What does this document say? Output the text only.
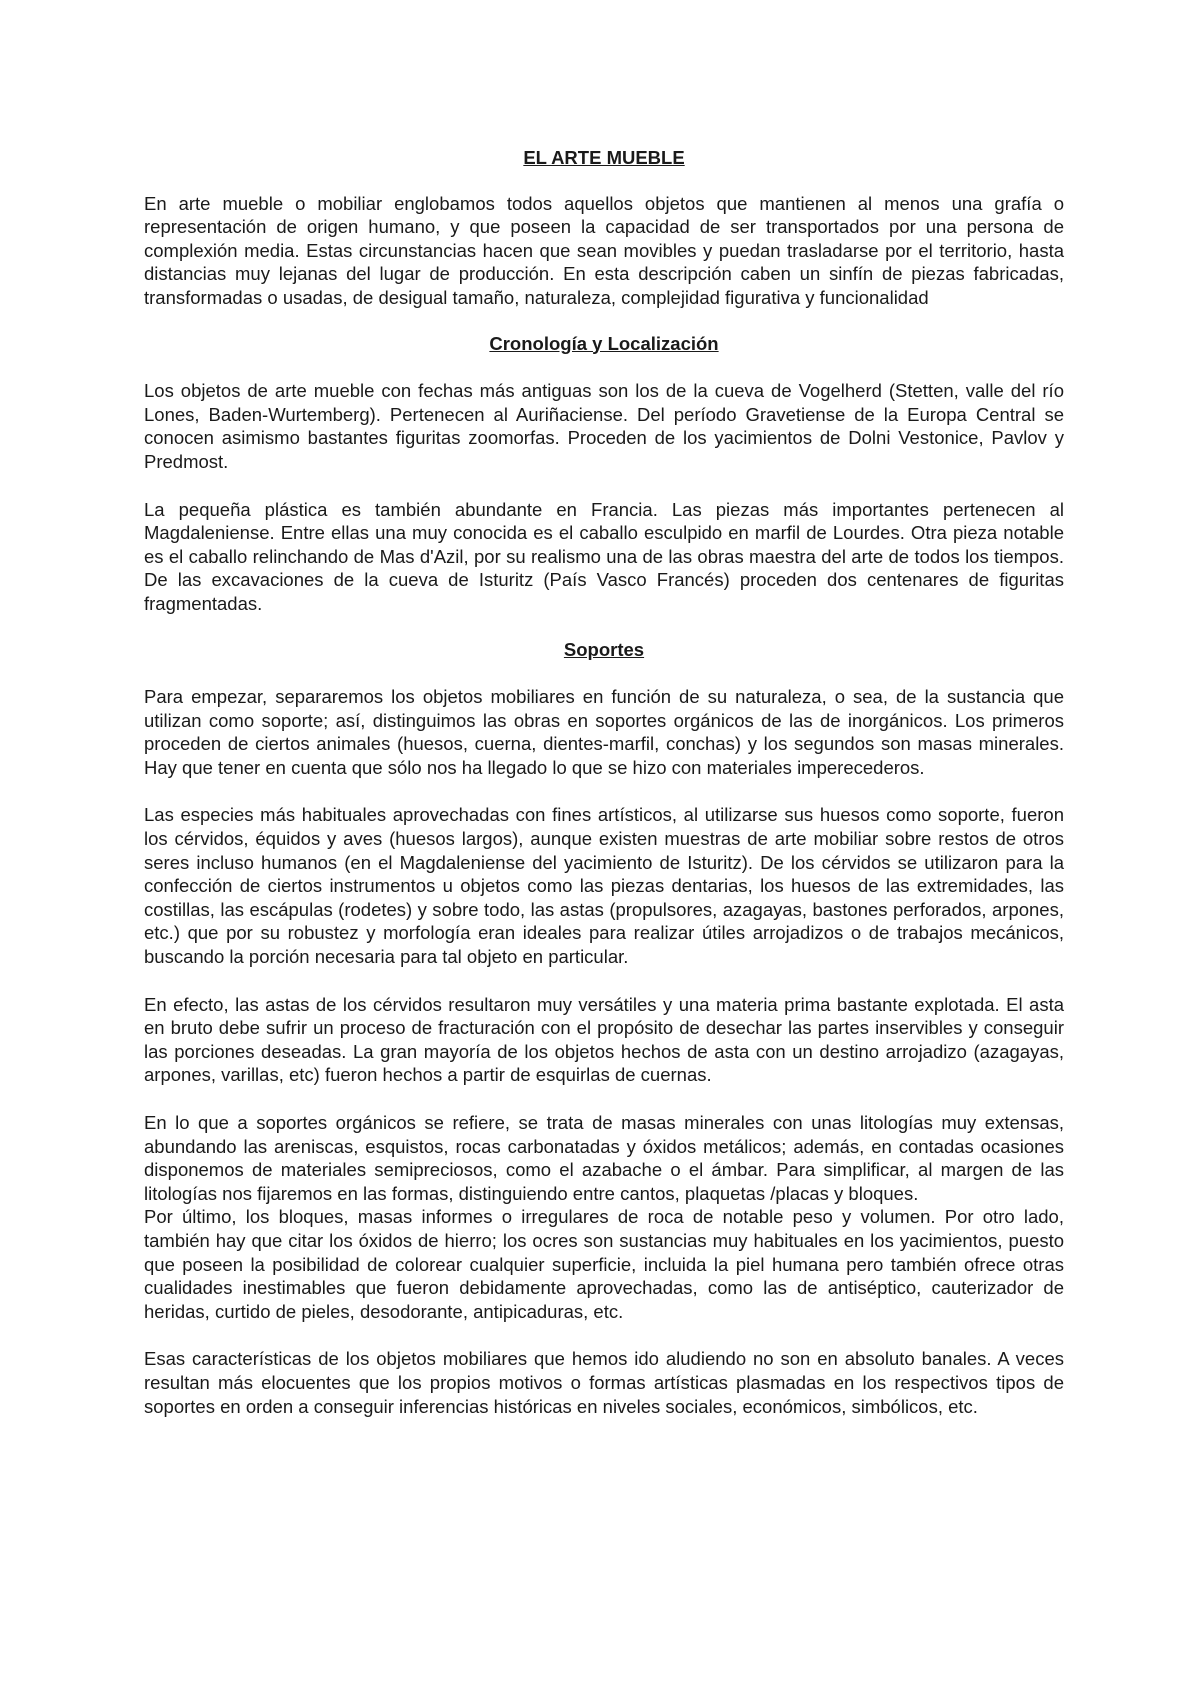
EL ARTE MUEBLE

En arte mueble o mobiliar englobamos todos aquellos objetos que mantienen al menos una grafía o representación de origen humano, y que poseen la capacidad de ser transportados por una persona de complexión media. Estas circunstancias hacen que sean movibles y puedan trasladarse por el territorio, hasta distancias muy lejanas del lugar de producción. En esta descripción caben un sinfín de piezas fabricadas, transformadas o usadas, de desigual tamaño, naturaleza, complejidad figurativa y funcionalidad

Cronología y Localización

Los objetos de arte mueble con fechas más antiguas son los de la cueva de Vogelherd (Stetten, valle del río Lones, Baden-Wurtemberg). Pertenecen al Auriñaciense. Del período Gravetiense de la Europa Central se conocen asimismo bastantes figuritas zoomorfas. Proceden de los yacimientos de Dolni Vestonice, Pavlov y Predmost.

La pequeña plástica es también abundante en Francia. Las piezas más importantes pertenecen al Magdaleniense. Entre ellas una muy conocida es el caballo esculpido en marfil de Lourdes. Otra pieza notable es el caballo relinchando de Mas d'Azil, por su realismo una de las obras maestra del arte de todos los tiempos. De las excavaciones de la cueva de Isturitz (País Vasco Francés) proceden dos centenares de figuritas fragmentadas.

Soportes

Para empezar, separaremos los objetos mobiliares en función de su naturaleza, o sea, de la sustancia que utilizan como soporte; así, distinguimos las obras en soportes orgánicos de las de inorgánicos. Los primeros proceden de ciertos animales (huesos, cuerna, dientes-marfil, conchas) y los segundos son masas minerales. Hay que tener en cuenta que sólo nos ha llegado lo que se hizo con materiales imperecederos.

Las especies más habituales aprovechadas con fines artísticos, al utilizarse sus huesos como soporte, fueron los cérvidos, équidos y aves (huesos largos), aunque existen muestras de arte mobiliar sobre restos de otros seres incluso humanos (en el Magdaleniense del yacimiento de Isturitz). De los cérvidos se utilizaron para la confección de ciertos instrumentos u objetos como las piezas dentarias, los huesos de las extremidades, las costillas, las escápulas (rodetes) y sobre todo, las astas (propulsores, azagayas, bastones perforados, arpones, etc.) que por su robustez y morfología eran ideales para realizar útiles arrojadizos o de trabajos mecánicos, buscando la porción necesaria para tal objeto en particular.

En efecto, las astas de los cérvidos resultaron muy versátiles y una materia prima bastante explotada. El asta en bruto debe sufrir un proceso de fracturación con el propósito de desechar las partes inservibles y conseguir las porciones deseadas. La gran mayoría de los objetos hechos de asta con un destino arrojadizo (azagayas, arpones, varillas, etc) fueron hechos a partir de esquirlas de cuernas.

En lo que a soportes orgánicos se refiere, se trata de masas minerales con unas litologías muy extensas, abundando las areniscas, esquistos, rocas carbonatadas y óxidos metálicos; además, en contadas ocasiones disponemos de materiales semipreciosos, como el azabache o el ámbar. Para simplificar, al margen de las litologías nos fijaremos en las formas, distinguiendo entre cantos, plaquetas /placas y bloques.

Por último, los bloques, masas informes o irregulares de roca de notable peso y volumen. Por otro lado, también hay que citar los óxidos de hierro; los ocres son sustancias muy habituales en los yacimientos, puesto que poseen la posibilidad de colorear cualquier superficie, incluida la piel humana pero también ofrece otras cualidades inestimables que fueron debidamente aprovechadas, como las de antiséptico, cauterizador de heridas, curtido de pieles, desodorante, antipicaduras, etc.

Esas características de los objetos mobiliares que hemos ido aludiendo no son en absoluto banales. A veces resultan más elocuentes que los propios motivos o formas artísticas plasmadas en los respectivos tipos de soportes en orden a conseguir inferencias históricas en niveles sociales, económicos, simbólicos, etc.
